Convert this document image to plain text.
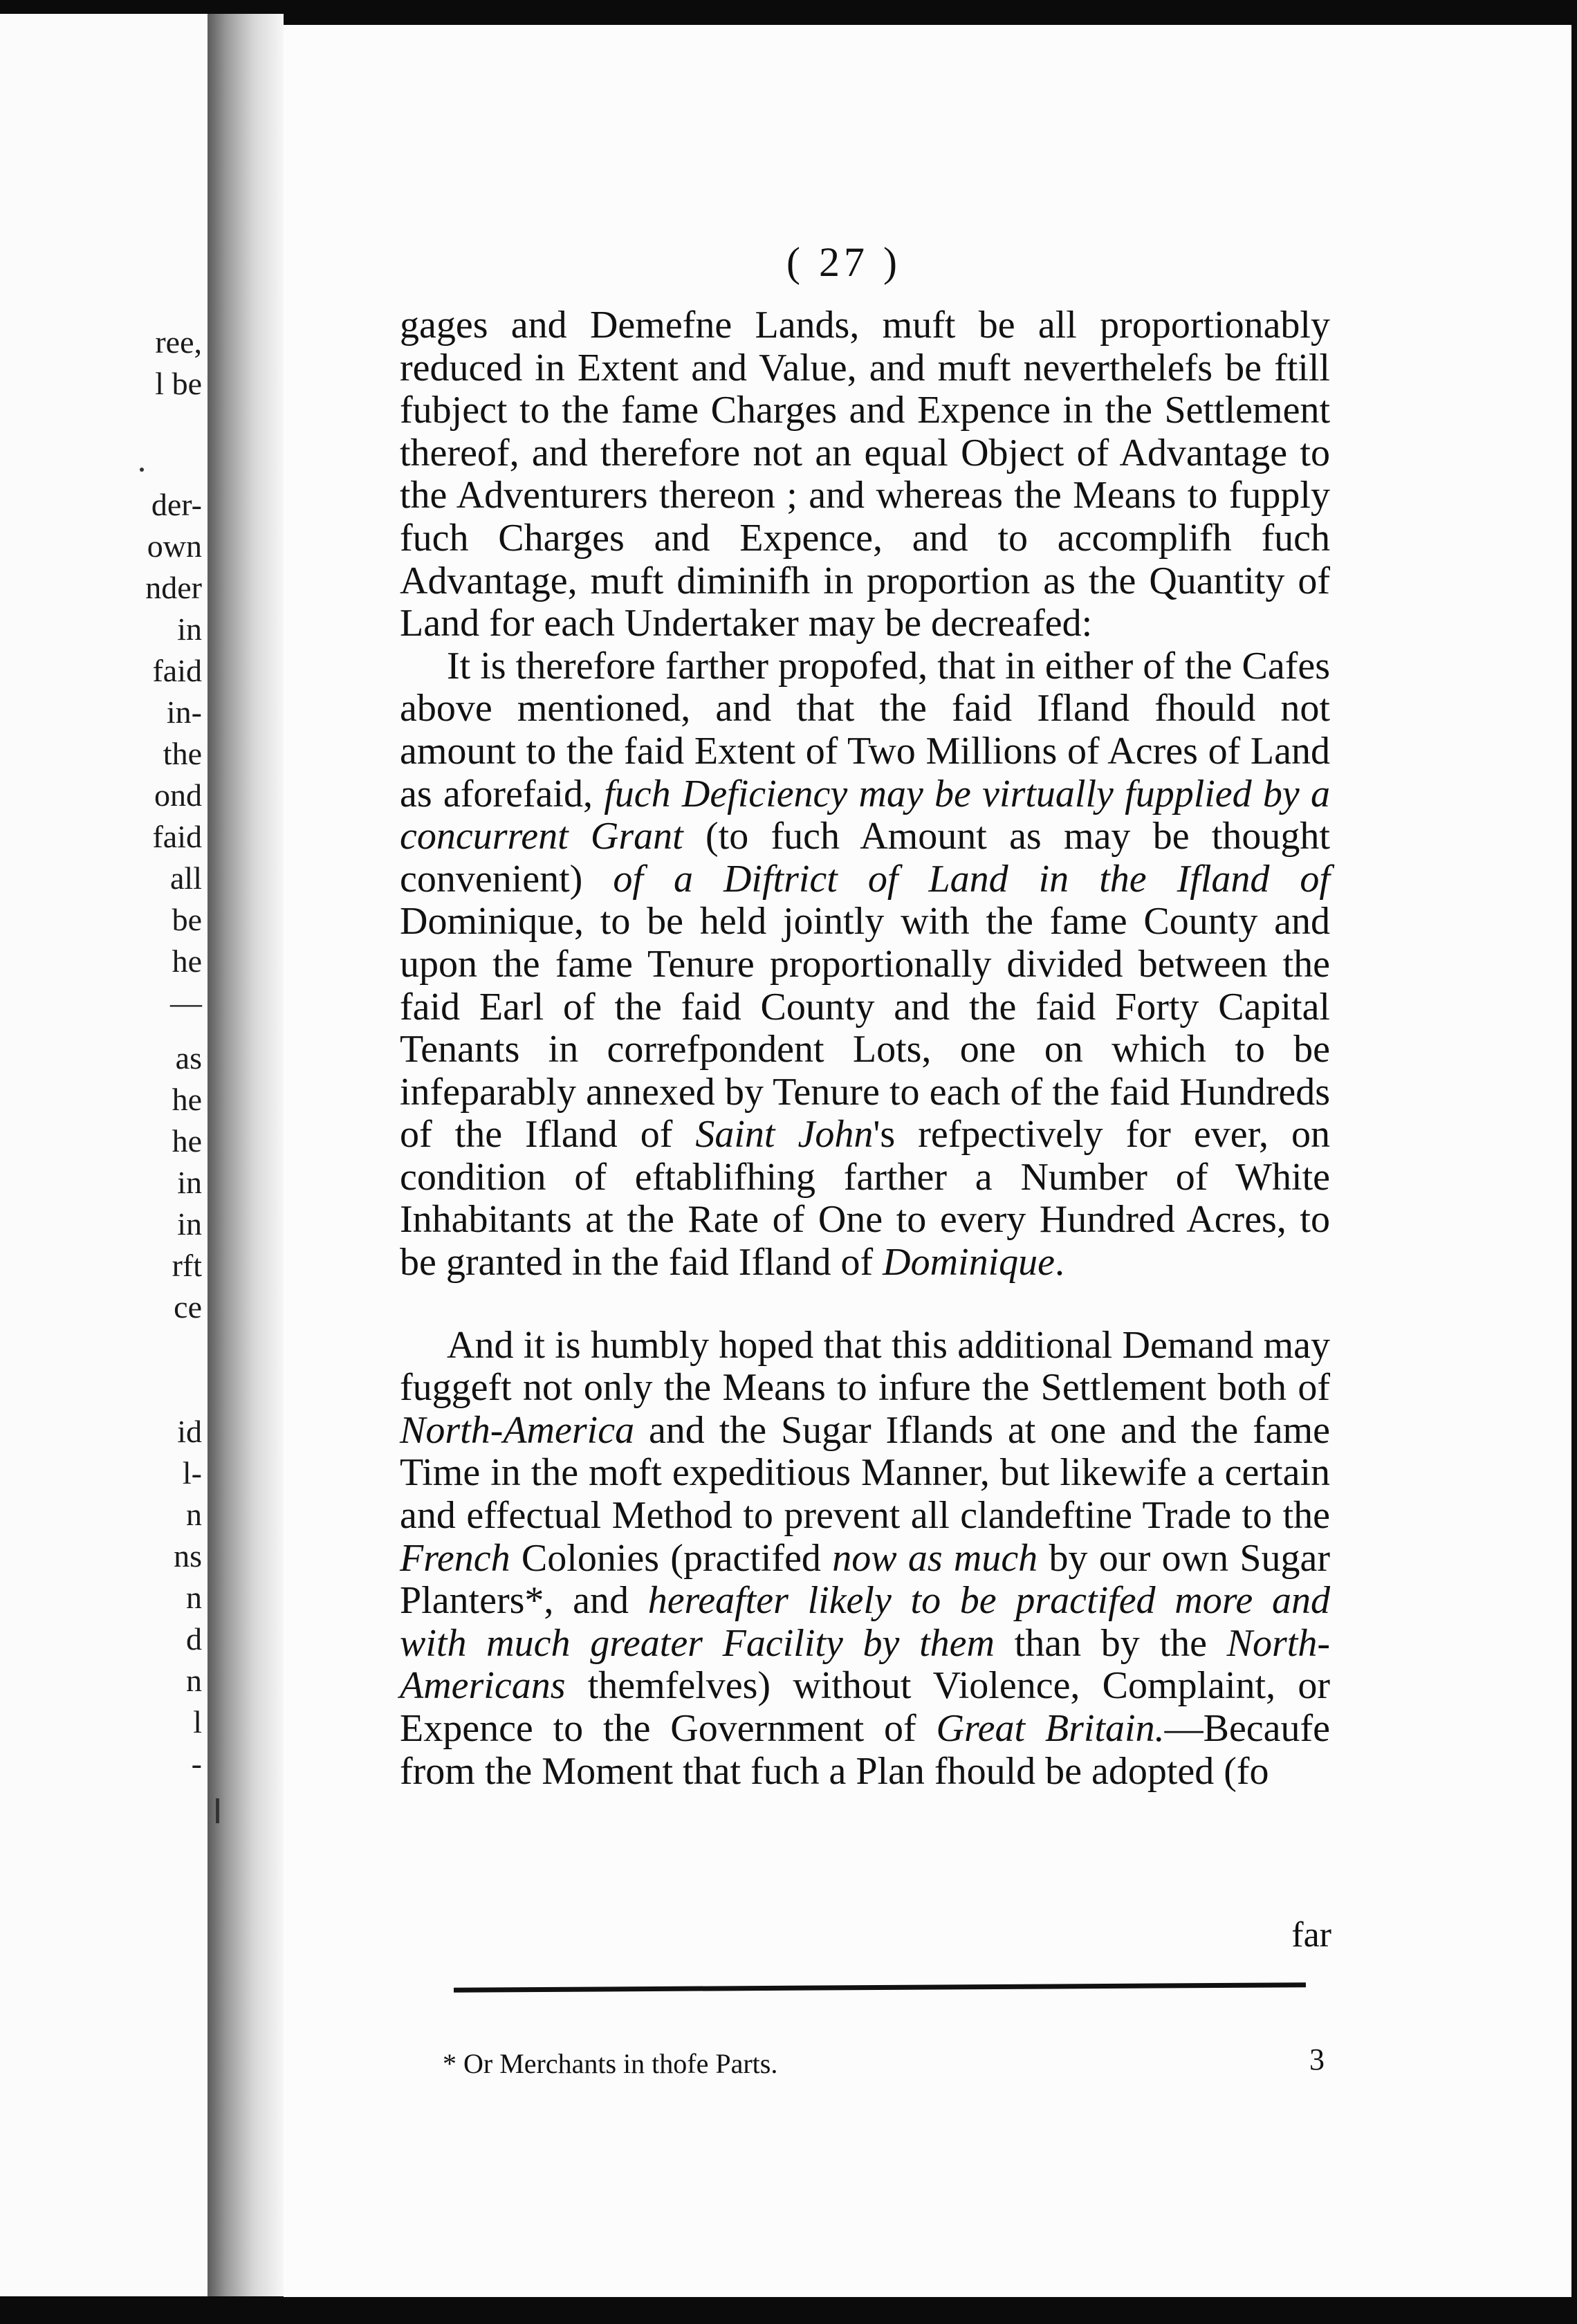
ree,
l be
der-
own
nder
in
faid
in-
the
ond
faid
all
be
he
—
as
he
he
in
in
rft
ce
id
l-
n
ns
n
d
n
l
-
( 27 )

gages and Demefne Lands, muft be all proportionably reduced in Extent and Value, and muft neverthelefs be ftill fubject to the fame Charges and Expence in the Settlement thereof, and therefore not an equal Object of Advantage to the Adventurers thereon ; and whereas the Means to fupply fuch Charges and Expence, and to accomplifh fuch Advantage, muft diminifh in proportion as the Quantity of Land for each Undertaker may be decreafed:

It is therefore farther propofed, that in either of the Cafes above mentioned, and that the faid Ifland fhould not amount to the faid Extent of Two Millions of Acres of Land as aforefaid, fuch Deficiency may be virtually fupplied by a concurrent Grant (to fuch Amount as may be thought convenient) of a Diftrict of Land in the Ifland of Dominique, to be held jointly with the fame County and upon the fame Tenure proportionally divided between the faid Earl of the faid County and the faid Forty Capital Tenants in correfpondent Lots, one on which to be infeparably annexed by Tenure to each of the faid Hundreds of the Ifland of Saint John's refpectively for ever, on condition of eftablifhing farther a Number of White Inhabitants at the Rate of One to every Hundred Acres, to be granted in the faid Ifland of Dominique.

And it is humbly hoped that this additional Demand may fuggeft not only the Means to infure the Settlement both of North-America and the Sugar Iflands at one and the fame Time in the moft expeditious Manner, but likewife a certain and effectual Method to prevent all clandeftine Trade to the French Colonies (practifed now as much by our own Sugar Planters*, and hereafter likely to be practifed more and with much greater Facility by them than by the North-Americans themfelves) without Violence, Complaint, or Expence to the Government of Great Britain.—Becaufe from the Moment that fuch a Plan fhould be adopted (fo

far
* Or Merchants in thofe Parts.	3
